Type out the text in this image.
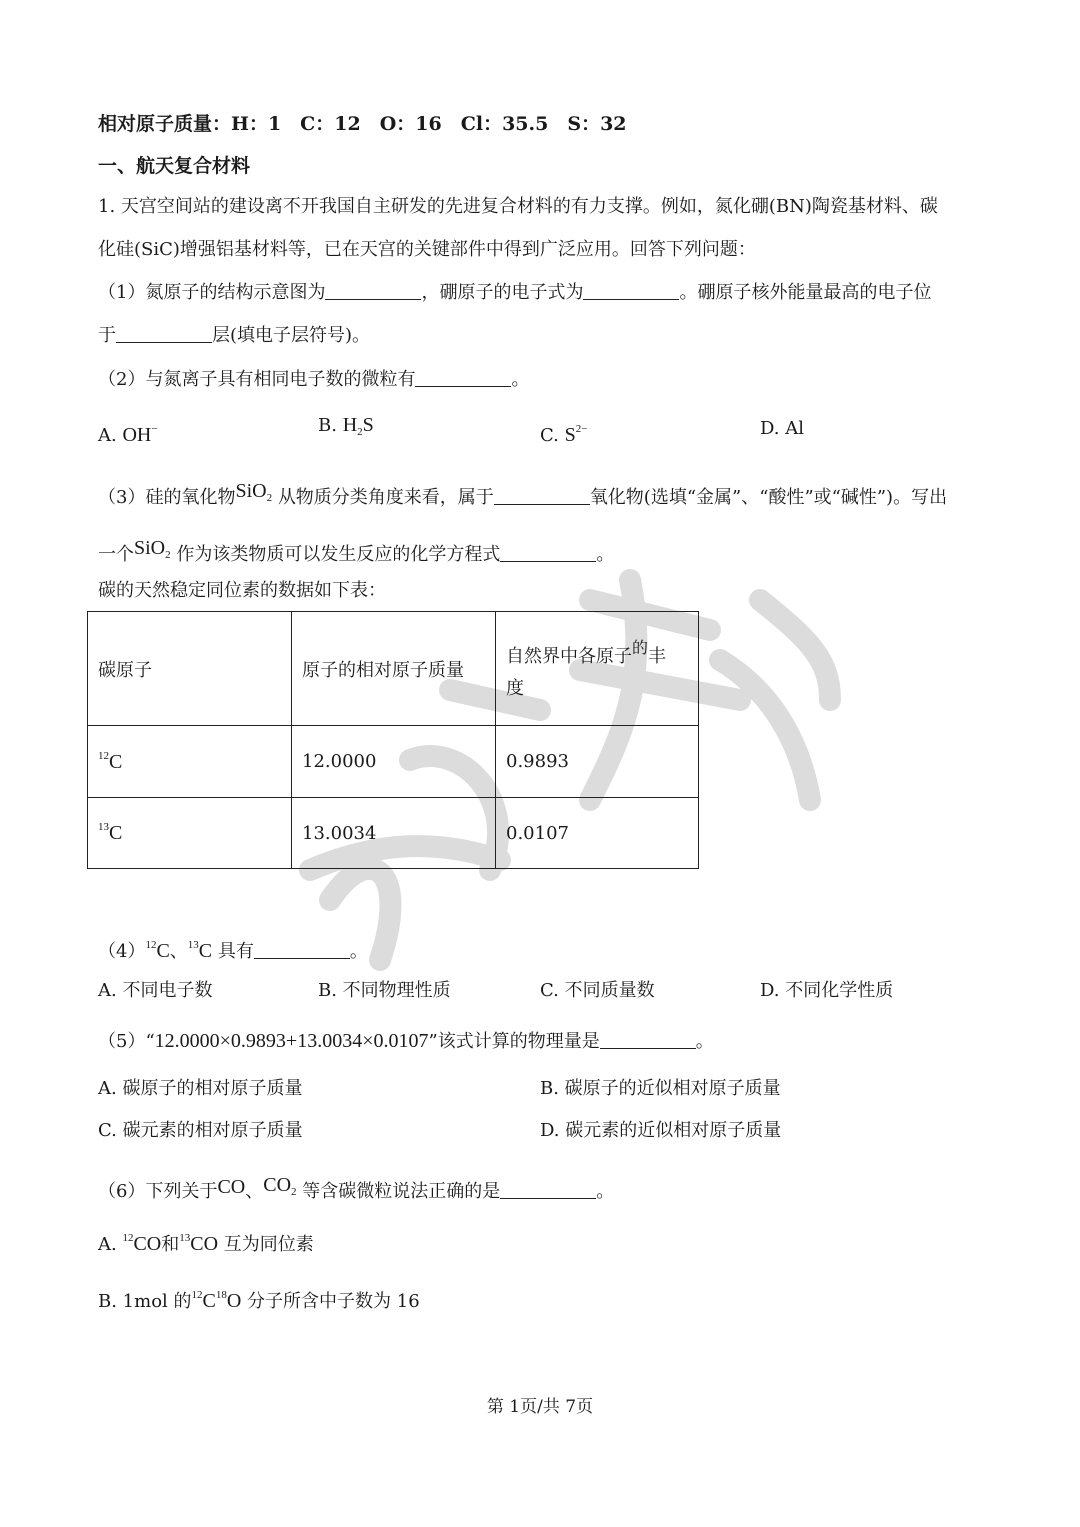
相对原子质量：H：1　C：12　O：16　Cl：35.5　S：32
一、航天复合材料
1. 天宫空间站的建设离不开我国自主研发的先进复合材料的有力支撑。例如，氮化硼(BN)陶瓷基材料、碳
化硅(SiC)增强铝基材料等，已在天宫的关键部件中得到广泛应用。回答下列问题：
（1）氮原子的结构示意图为	，硼原子的电子式为	。硼原子核外能量最高的电子位
于	层(填电子层符号)。
（2）与氮离子具有相同电子数的微粒有	。
A. OH−	B. $H_2S$	C. $S^{2-}$	D. Al
（3）硅的氧化物SiO$_2$ 从物质分类角度来看，属于	氧化物(选填“金属”、“酸性”或“碱性”)。写出
一个SiO$_2$ 作为该类物质可以发生反应的化学方程式	。
碳的天然稳定同位素的数据如下表：
碳原子	原子的相对原子质量	自然界中各原子的丰
度
$^{12}$C	12.0000	0.9893
$^{13}$C	13.0034	0.0107
$(4)^{12}C$、$^{13}$C 具有	。
A. 不同电子数	B. 不同物理性质	C. 不同质量数	D. 不同化学性质
（5）“12.0000×0.9893+13.0034×0.0107”该式计算的物理量是	。
A. 碳原子的相对原子质量	B. 碳原子的近似相对原子质量
C. 碳元素的相对原子质量	D. 碳元素的近似相对原子质量
（6）下列关于CO、$CO_2$ 等含碳微粒说法正确的是	。
A. $^{12}$CO和$^{13}$CO 互为同位素
B. 1mol 的$^{12}C^{18}O$ 分子所含中子数为 16
第 1页/共 7页
